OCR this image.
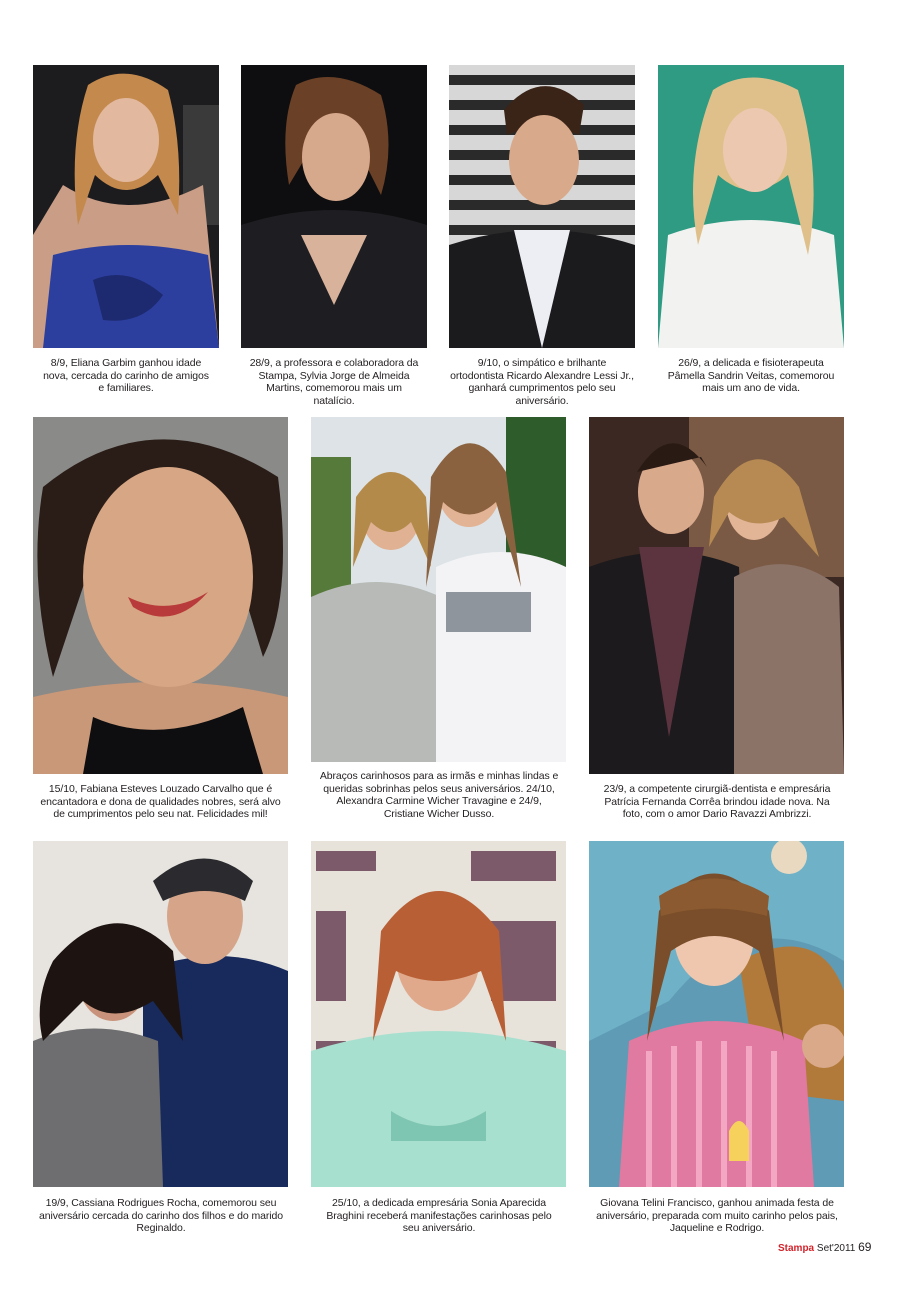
8/9, Eliana Garbim ganhou idade nova, cercada do carinho de amigos e familiares.
28/9, a professora e colaboradora da Stampa, Sylvia Jorge de Almeida Martins, comemorou mais um natalício.
9/10, o simpático e brilhante ortodontista Ricardo Alexandre Lessi Jr., ganhará cumprimentos pelo seu aniversário.
26/9, a delicada e fisioterapeuta Pâmella Sandrin Veitas, comemorou mais um ano de vida.
15/10, Fabiana Esteves Louzado Carvalho que é encantadora e dona de qualidades nobres, será alvo de cumprimentos pelo seu nat. Felicidades mil!
Abraços carinhosos para as irmãs e minhas lindas e queridas sobrinhas pelos seus aniversários. 24/10, Alexandra Carmine Wicher Travagine e 24/9, Cristiane Wicher Dusso.
23/9, a competente cirurgiã-dentista e empresária Patrícia Fernanda Corrêa brindou idade nova. Na foto, com o amor Dario Ravazzi Ambrizzi.
19/9, Cassiana Rodrigues Rocha, comemorou seu aniversário cercada do carinho dos filhos e do marido Reginaldo.
25/10, a dedicada empresária Sonia Aparecida Braghini receberá manifestações carinhosas pelo seu aniversário.
Giovana Telini Francisco, ganhou animada festa de aniversário, preparada com muito carinho pelos pais, Jaqueline e Rodrigo.
Stampa Set'2011 69
